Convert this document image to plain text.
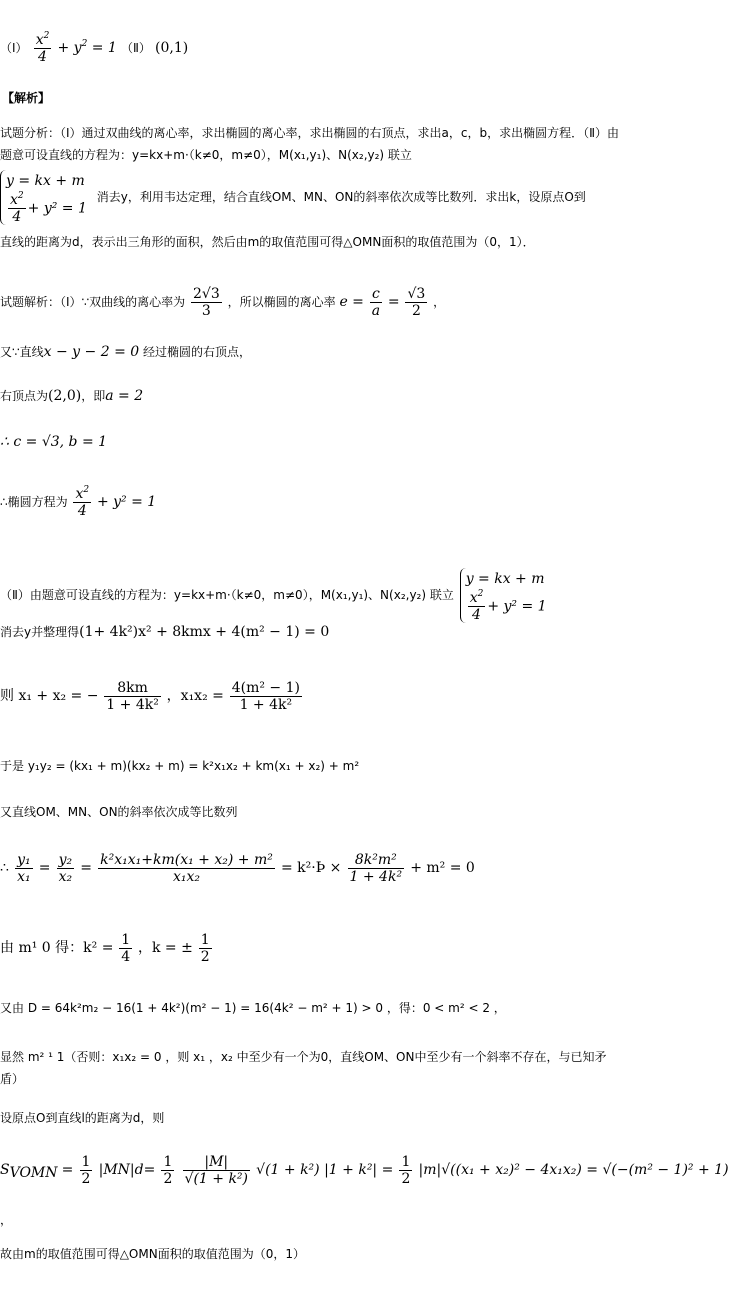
（Ⅰ） $\frac{x^2}{4} + y^2 = 1$ （Ⅱ） (0,1)
【解析】
试题分析：（Ⅰ）通过双曲线的离心率，求出椭圆的离心率，求出椭圆的右顶点，求出a，c，b，求出椭圆方程．（Ⅱ）由题意可设直线的方程为：y=kx+m·（k≠0，m≠0），M(x₁,y₁)、N(x₂,y₂) 联立
y = kx + m
$\frac{x^2}{4} + y^2 = 1$
消去y，利用韦达定理，结合直线OM、MN、ON的斜率依次成等比数列．求出k，设原点O到
直线的距离为d，表示出三角形的面积，然后由m的取值范围可得△OMN面积的取值范围为（0，1）．
试题解析：（Ⅰ）∵双曲线的离心率为 $\frac{2√3}{3}$ ，所以椭圆的离心率 $e = \frac{c}{a} = \frac{√3}{2}$ ，
又∵直线x − y − 2 = 0 经过椭圆的右顶点，
右顶点为(2,0)，即a = 2
∴ c = √3, b = 1
∴椭圆方程为 $\frac{x^2}{4} + y^2 = 1$
（Ⅱ）由题意可设直线的方程为：y=kx+m·（k≠0，m≠0），M(x₁,y₁)、N(x₂,y₂) 联立
y = kx + m
$\frac{x^2}{4} + y^2 = 1$
消去y并整理得(1+ 4k²)x² + 8kmx + 4(m² − 1) = 0
则 x₁ + x₂ = − $\frac{8km}{\text{1 + 4k²}}$ ，$x_1x_2 = \frac{\text{4(m² − 1)}}{\text{1 + 4k²}}$
于是 y₁y₂ = (kx₁ + m)(kx₂ + m) = k²x₁x₂ + km(x₁ + x₂) + m²
又直线OM、MN、ON的斜率依次成等比数列
∴ $\frac{\text{y₁}}{\text{x₁}} = \frac{\text{y₂}}{\text{x₂}} = \frac{\text{k²x₁x₁+km(x₁ + x₂) + m²}}{\text{x₁x₂}}$ = k²·Þ × $\frac{\text{8k²m²}}{\text{1 + 4k²}} + m^2 = 0$
由 m¹ 0 得：$k^2 = \frac{1}{4}$ ，k = ± $\frac{1}{2}$
又由 D = 64k²m₂ − 16(1 + 4k²)(m² − 1) = 16(4k² − m² + 1) > 0 ，得：0 < m² < 2 ，
显然 m² ¹ 1（否则：x₁x₂ = 0 ，则 x₁ ，x₂ 中至少有一个为0，直线OM、ON中至少有一个斜率不存在，与已知矛盾）
设原点O到直线l的距离为d，则
$S_{VOMN} = \frac{1}{2} |MN|d= \frac{1}{2}$
$\frac{|M|}{\text{√(1 + k²)}} √(1 + k^2) |1 + k^2| = \frac{1}{2} |m|√((x_1 + x_2)^2 - 4x_1x_2) = √(-(m^2 - 1)^2 + 1)$
，
故由m的取值范围可得△OMN面积的取值范围为（0，1）
